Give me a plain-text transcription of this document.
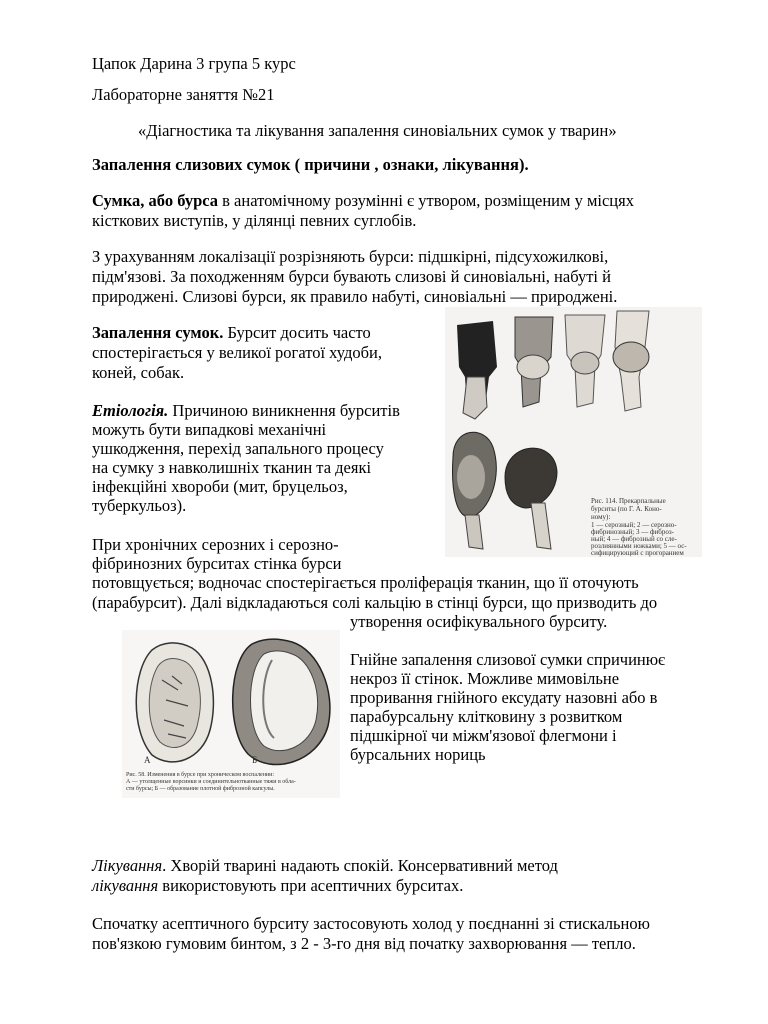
Цапок Дарина 3 група 5 курс
Лабораторне заняття №21
«Діагностика та лікування запалення синовіальних сумок у тварин»
Запалення слизових сумок ( причини , ознаки, лікування).
Сумка, або бурса в анатомічному розумінні є утвором, розміщеним у місцях
кісткових виступів, у ділянці певних суглобів.
З урахуванням локалізації розрізняють бурси: підшкірні, підсухожилкові,
підм'язові. За походженням бурси бувають слизові й синовіальні, набуті й
природжені. Слизові бурси, як правило набуті, синовіальні — природжені.
Запалення сумок. Бурсит досить часто
спостерігається у великої рогатої худоби,
коней, собак.
Етіологія. Причиною виникнення бурситів
можуть бути випадкові механічні
ушкодження, перехід запального процесу
на сумку з навколишніх тканин та деякі
інфекційні хвороби (мит, бруцельоз,
туберкульоз).
При хронічних серозних і серозно-
фібринозних бурситах стінка бурси
потовщується; водночас спостерігається проліферація тканин, що її оточують
(парабурсит). Далі відкладаються солі кальцію в стінці бурси, що призводить до
утворення осифікувального бурситу.
Гнійне запалення слизової сумки спричинює
некроз її стінок. Можливе мимовільне
проривання гнійного ексудату назовні або в
парабурсальну клітковину з розвитком
підшкірної чи міжм'язової флегмони і
бурсальних нориць
Лікування. Хворій тварині надають спокій. Консервативний метод
лікування використовують при асептичних бурситах.
Спочатку асептичного бурситу застосовують холод у поєднанні зі стискальною
пов'язкою гумовим бинтом, з 2 - 3-го дня від початку захворювання — тепло.
Рис. 114. Прекарпальные
бурситы (по Г. А. Коно-
ному):
1 — серозный; 2 — серозно-
фибринозный; 3 — фиброз-
ный; 4 — фиброзный со сле-
розлиянными ножками; 5 — ос-
сифицирующий с прогоранием
А	Б
Рис. 58. Изменения в бурсе при хроническом воспалении:
А — утолщенные ворсинки и соединительнотканные тяжи в обла-
сти бурсы; Б — образование плотной фиброзной капсулы.
